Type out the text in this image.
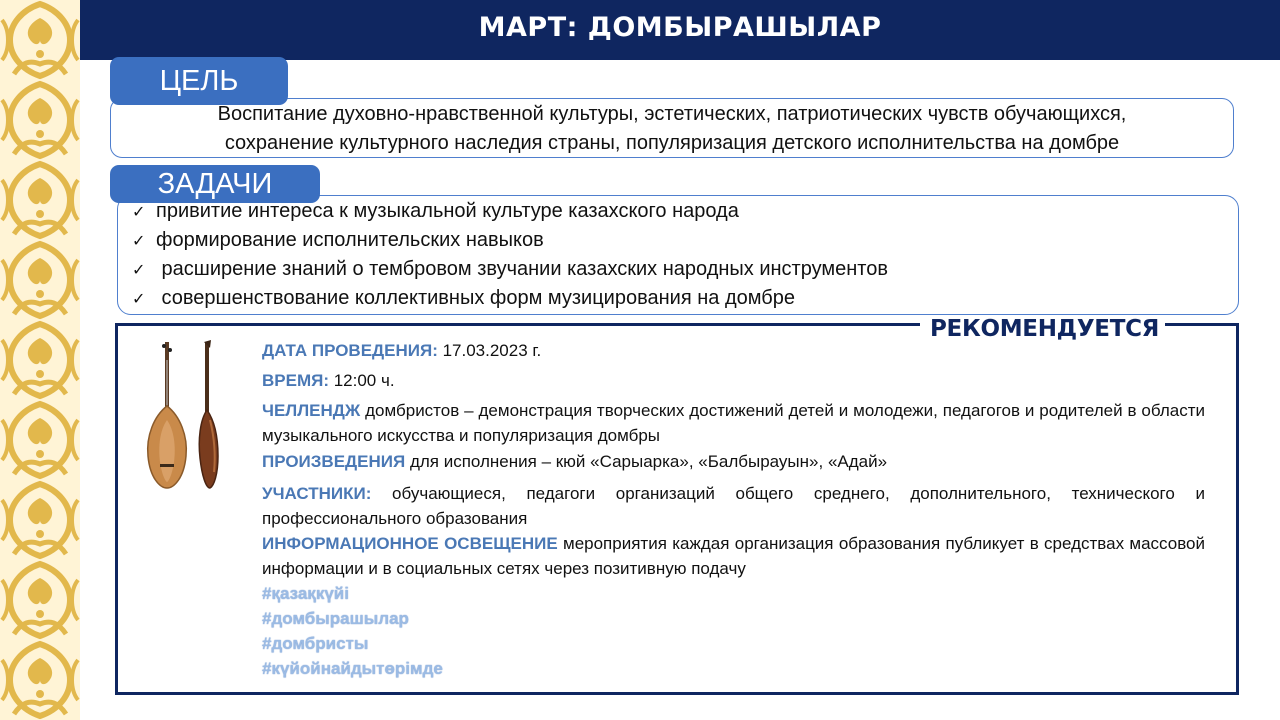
МАРТ: ДОМБЫРАШЫЛАР
ЦЕЛЬ
Воспитание духовно-нравственной культуры, эстетических, патриотических чувств обучающихся,
сохранение культурного наследия страны, популяризация детского исполнительства на домбре
ЗАДАЧИ
✓ привитие интереса к музыкальной культуре казахского народа
✓ формирование исполнительских навыков
✓ расширение знаний о тембровом звучании казахских народных инструментов
✓ совершенствование коллективных форм музицирования на домбре
РЕКОМЕНДУЕТСЯ
ДАТА ПРОВЕДЕНИЯ: 17.03.2023 г.
ВРЕМЯ: 12:00 ч.
ЧЕЛЛЕНДЖ домбристов – демонстрация творческих достижений детей и молодежи, педагогов и родителей в области музыкального искусства и популяризация домбры
ПРОИЗВЕДЕНИЯ для исполнения – кюй «Сарыарка», «Балбырауын», «Адай»
УЧАСТНИКИ: обучающиеся, педагоги организаций общего среднего, дополнительного, технического и профессионального образования
ИНФОРМАЦИОННОЕ ОСВЕЩЕНИЕ мероприятия каждая организация образования публикует в средствах массовой информации и в социальных сетях через позитивную подачу
#қазақкүйі
#домбырашылар
#домбристы
#күйойнайдытөрімде
